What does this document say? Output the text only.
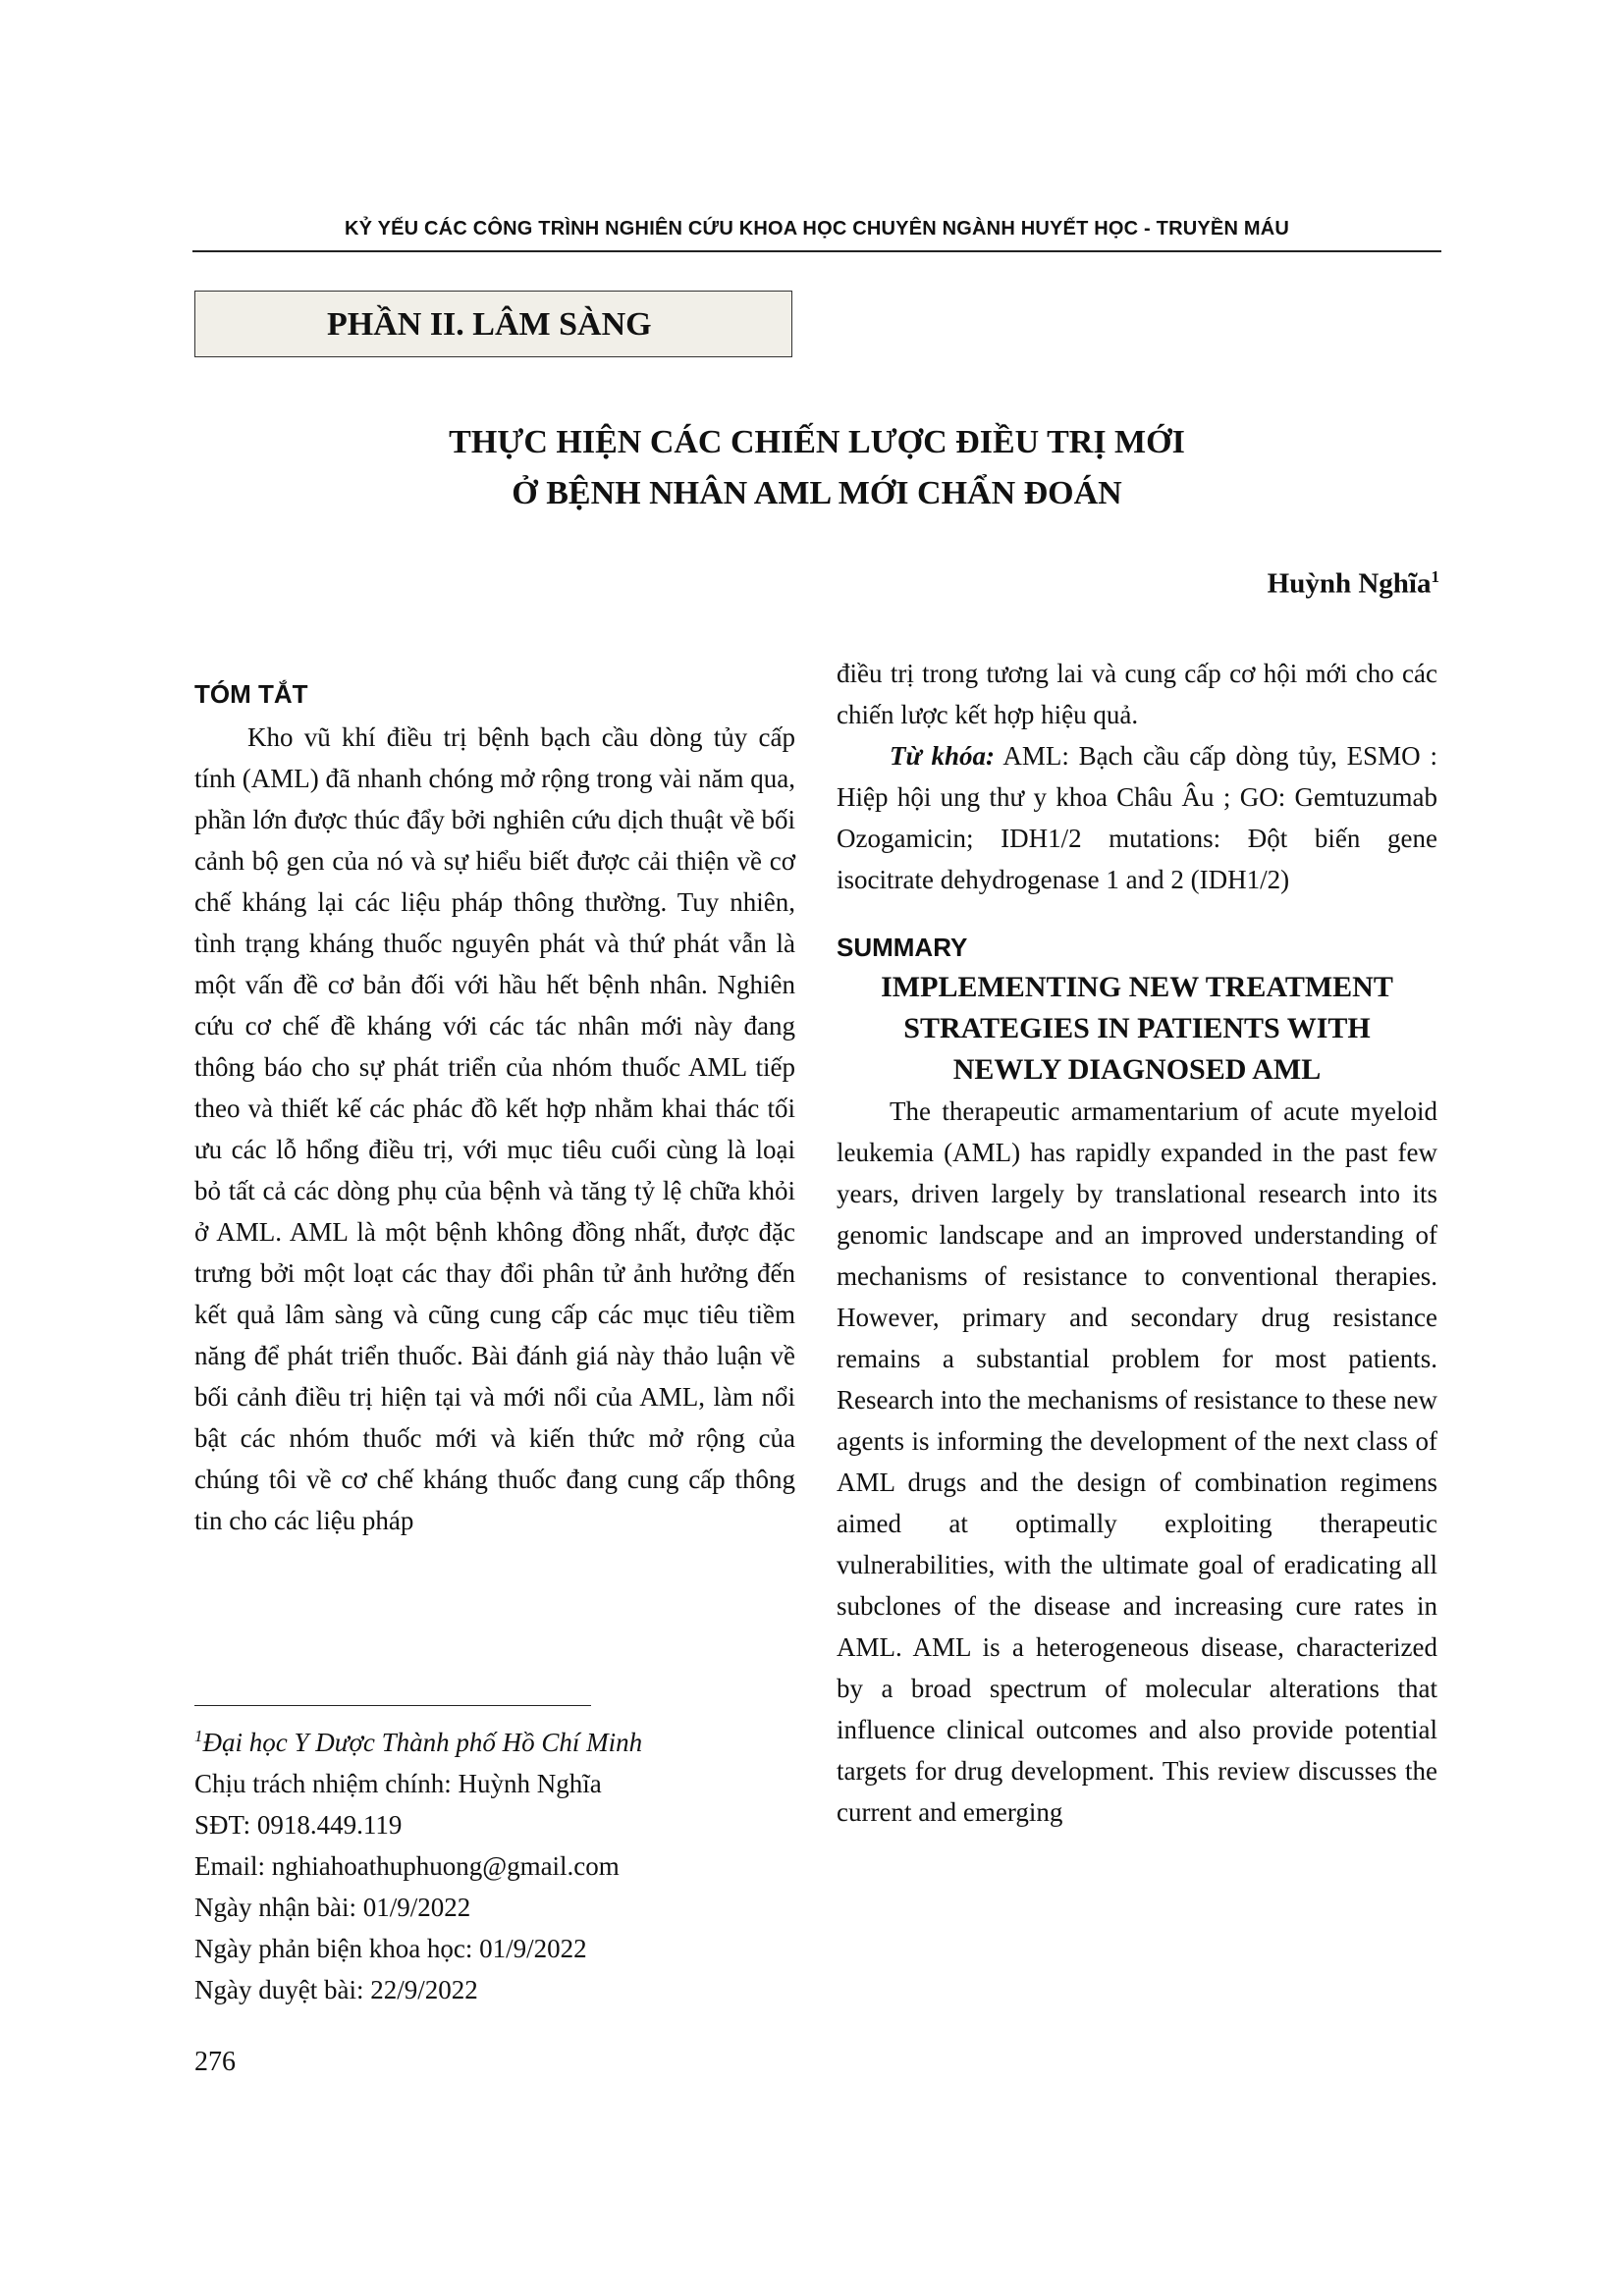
KỶ YẾU CÁC CÔNG TRÌNH NGHIÊN CỨU KHOA HỌC CHUYÊN NGÀNH HUYẾT HỌC - TRUYỀN MÁU
PHẦN II. LÂM SÀNG
THỰC HIỆN CÁC CHIẾN LƯỢC ĐIỀU TRỊ MỚI
Ở BỆNH NHÂN AML MỚI CHẨN ĐOÁN
Huỳnh Nghĩa$^1$
TÓM TẮT

Kho vũ khí điều trị bệnh bạch cầu dòng tủy cấp tính (AML) đã nhanh chóng mở rộng trong vài năm qua, phần lớn được thúc đẩy bởi nghiên cứu dịch thuật về bối cảnh bộ gen của nó và sự hiểu biết được cải thiện về cơ chế kháng lại các liệu pháp thông thường. Tuy nhiên, tình trạng kháng thuốc nguyên phát và thứ phát vẫn là một vấn đề cơ bản đối với hầu hết bệnh nhân. Nghiên cứu cơ chế đề kháng với các tác nhân mới này đang thông báo cho sự phát triển của nhóm thuốc AML tiếp theo và thiết kế các phác đồ kết hợp nhằm khai thác tối ưu các lỗ hổng điều trị, với mục tiêu cuối cùng là loại bỏ tất cả các dòng phụ của bệnh và tăng tỷ lệ chữa khỏi ở AML. AML là một bệnh không đồng nhất, được đặc trưng bởi một loạt các thay đổi phân tử ảnh hưởng đến kết quả lâm sàng và cũng cung cấp các mục tiêu tiềm năng để phát triển thuốc. Bài đánh giá này thảo luận về bối cảnh điều trị hiện tại và mới nổi của AML, làm nổi bật các nhóm thuốc mới và kiến thức mở rộng của chúng tôi về cơ chế kháng thuốc đang cung cấp thông tin cho các liệu pháp

điều trị trong tương lai và cung cấp cơ hội mới cho các chiến lược kết hợp hiệu quả.

Từ khóa: AML: Bạch cầu cấp dòng tủy, ESMO : Hiệp hội ung thư y khoa Châu Âu ; GO: Gemtuzumab Ozogamicin; IDH1/2 mutations: Đột biến gene isocitrate dehydrogenase 1 and 2 (IDH1/2)

SUMMARY
IMPLEMENTING NEW TREATMENT
STRATEGIES IN PATIENTS WITH
NEWLY DIAGNOSED AML

The therapeutic armamentarium of acute myeloid leukemia (AML) has rapidly expanded in the past few years, driven largely by translational research into its genomic landscape and an improved understanding of mechanisms of resistance to conventional therapies. However, primary and secondary drug resistance remains a substantial problem for most patients. Research into the mechanisms of resistance to these new agents is informing the development of the next class of AML drugs and the design of combination regimens aimed at optimally exploiting therapeutic vulnerabilities, with the ultimate goal of eradicating all subclones of the disease and increasing cure rates in AML. AML is a heterogeneous disease, characterized by a broad spectrum of molecular alterations that influence clinical outcomes and also provide potential targets for drug development. This review discusses the current and emerging

$^1$Đại học Y Dược Thành phố Hồ Chí Minh
Chịu trách nhiệm chính: Huỳnh Nghĩa
SĐT: 0918.449.119
Email: nghiahoathuphuong@gmail.com
Ngày nhận bài: 01/9/2022
Ngày phản biện khoa học: 01/9/2022
Ngày duyệt bài: 22/9/2022
276
